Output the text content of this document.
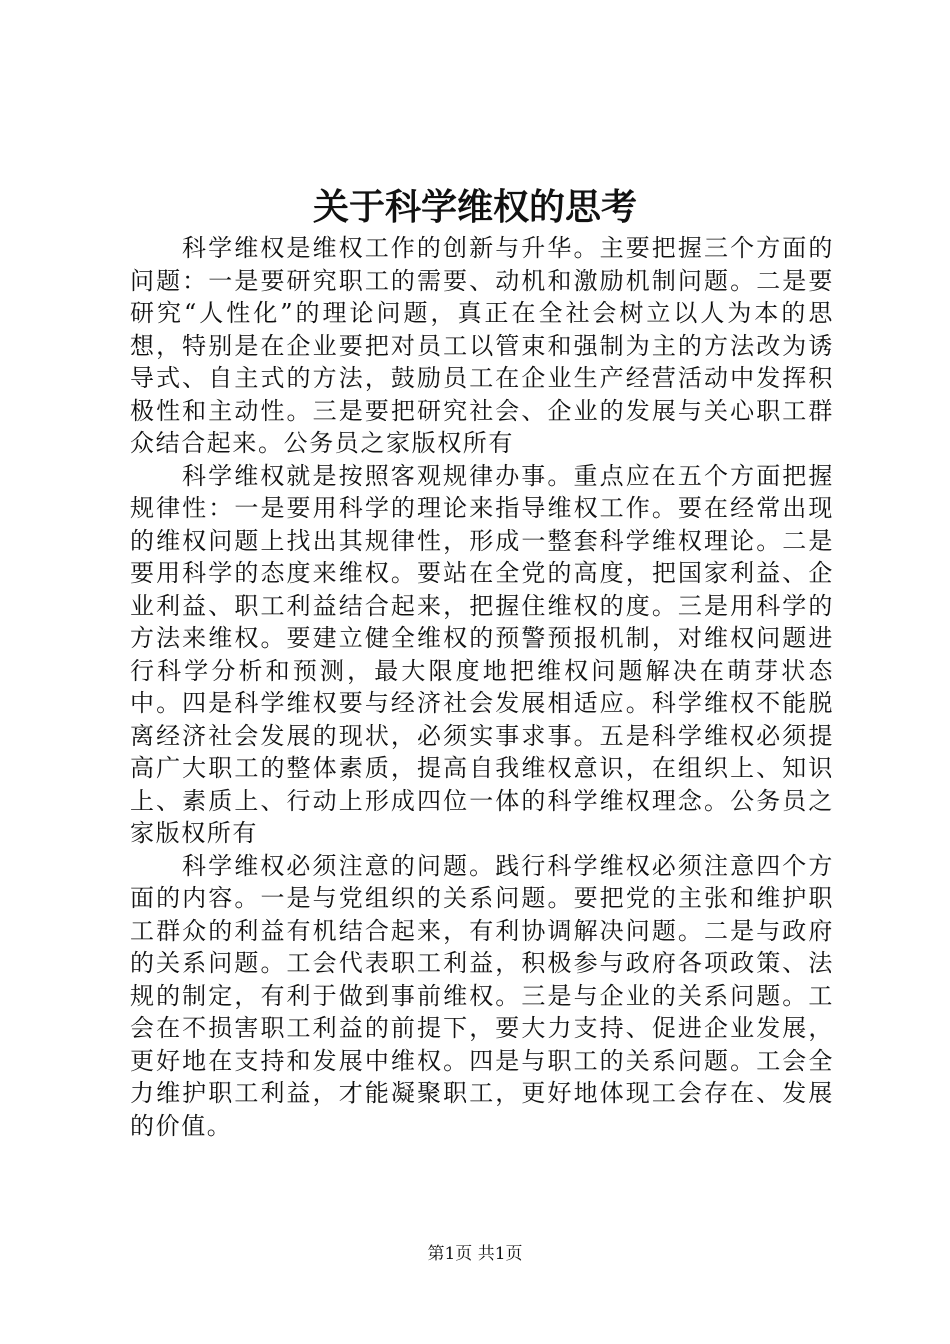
关于科学维权的思考

科学维权是维权工作的创新与升华。主要把握三个方面的问题：一是要研究职工的需要、动机和激励机制问题。二是要研究“人性化”的理论问题，真正在全社会树立以人为本的思想，特别是在企业要把对员工以管束和强制为主的方法改为诱导式、自主式的方法，鼓励员工在企业生产经营活动中发挥积极性和主动性。三是要把研究社会、企业的发展与关心职工群众结合起来。公务员之家版权所有

科学维权就是按照客观规律办事。重点应在五个方面把握规律性：一是要用科学的理论来指导维权工作。要在经常出现的维权问题上找出其规律性，形成一整套科学维权理论。二是要用科学的态度来维权。要站在全党的高度，把国家利益、企业利益、职工利益结合起来，把握住维权的度。三是用科学的方法来维权。要建立健全维权的预警预报机制，对维权问题进行科学分析和预测，最大限度地把维权问题解决在萌芽状态中。四是科学维权要与经济社会发展相适应。科学维权不能脱离经济社会发展的现状，必须实事求事。五是科学维权必须提高广大职工的整体素质，提高自我维权意识，在组织上、知识上、素质上、行动上形成四位一体的科学维权理念。公务员之家版权所有

科学维权必须注意的问题。践行科学维权必须注意四个方面的内容。一是与党组织的关系问题。要把党的主张和维护职工群众的利益有机结合起来，有利协调解决问题。二是与政府的关系问题。工会代表职工利益，积极参与政府各项政策、法规的制定，有利于做到事前维权。三是与企业的关系问题。工会在不损害职工利益的前提下，要大力支持、促进企业发展，更好地在支持和发展中维权。四是与职工的关系问题。工会全力维护职工利益，才能凝聚职工，更好地体现工会存在、发展的价值。

第1页 共1页
